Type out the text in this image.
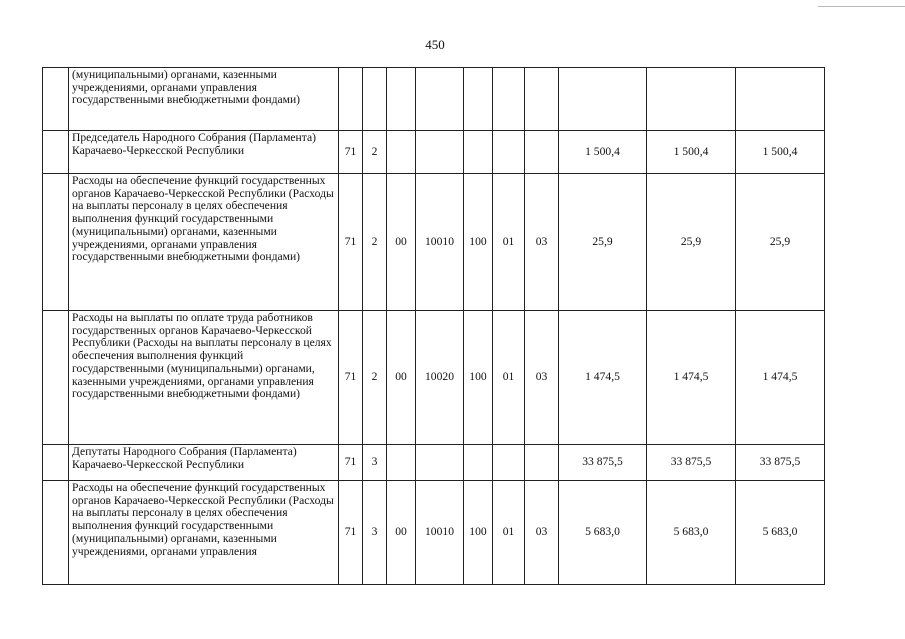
450
	(муниципальными) органами, казенными учреждениями, органами управления государственными внебюджетными фондами)										
	Председатель Народного Собрания (Парламента) Карачаево-Черкесской Республики	71	2						1 500,4	1 500,4	1 500,4
	Расходы на обеспечение функций государственных органов Карачаево-Черкесской Республики (Расходы на выплаты персоналу в целях обеспечения выполнения функций государственными (муниципальными) органами, казенными учреждениями, органами управления государственными внебюджетными фондами)	71	2	00	10010	100	01	03	25,9	25,9	25,9
	Расходы на выплаты по оплате труда работников государственных органов Карачаево-Черкесской Республики (Расходы на выплаты персоналу в целях обеспечения выполнения функций государственными (муниципальными) органами, казенными учреждениями, органами управления государственными внебюджетными фондами)	71	2	00	10020	100	01	03	1 474,5	1 474,5	1 474,5
	Депутаты Народного Собрания (Парламента) Карачаево-Черкесской Республики	71	3						33 875,5	33 875,5	33 875,5
	Расходы на обеспечение функций государственных органов Карачаево-Черкесской Республики (Расходы на выплаты персоналу в целях обеспечения выполнения функций государственными (муниципальными) органами, казенными учреждениями, органами управления	71	3	00	10010	100	01	03	5 683,0	5 683,0	5 683,0
